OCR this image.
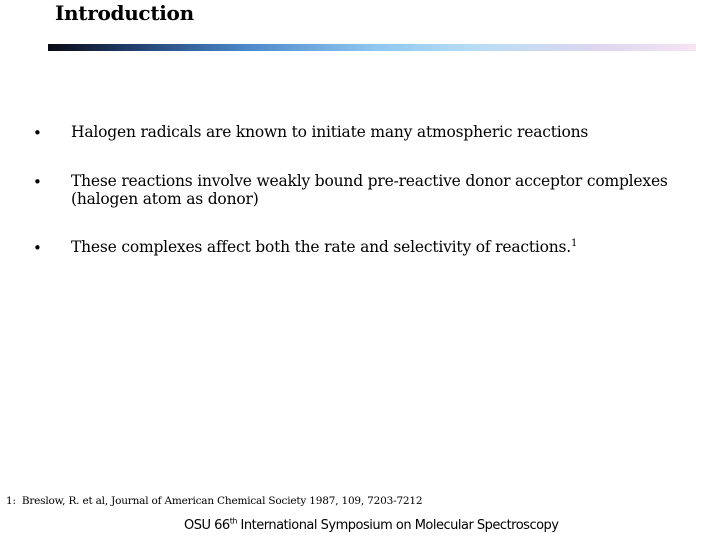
Introduction
• Halogen radicals are known to initiate many atmospheric reactions
• These reactions involve weakly bound pre-reactive donor acceptor complexes (halogen atom as donor)
• These complexes affect both the rate and selectivity of reactions.$^1$
1: Breslow, R. et al, Journal of American Chemical Society 1987, 109, 7203-7212
OSU 66th International Symposium on Molecular Spectroscopy
